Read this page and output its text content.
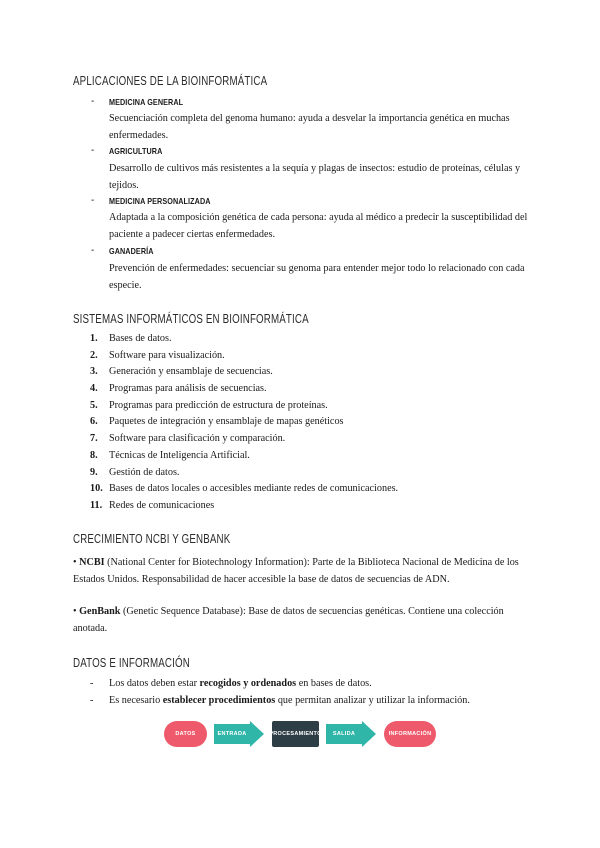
APLICACIONES DE LA BIOINFORMÁTICA
- MEDICINA GENERAL
Secuenciación completa del genoma humano: ayuda a desvelar la importancia genética en muchas enfermedades.
- AGRICULTURA
Desarrollo de cultivos más resistentes a la sequía y plagas de insectos: estudio de proteínas, células y tejidos.
- MEDICINA PERSONALIZADA
Adaptada a la composición genética de cada persona: ayuda al médico a predecir la susceptibilidad del paciente a padecer ciertas enfermedades.
- GANADERÍA
Prevención de enfermedades: secuenciar su genoma para entender mejor todo lo relacionado con cada especie.
SISTEMAS INFORMÁTICOS EN BIOINFORMÁTICA
1. Bases de datos.
2. Software para visualización.
3. Generación y ensamblaje de secuencias.
4. Programas para análisis de secuencias.
5. Programas para predicción de estructura de proteínas.
6. Paquetes de integración y ensamblaje de mapas genéticos
7. Software para clasificación y comparación.
8. Técnicas de Inteligencia Artificial.
9. Gestión de datos.
10. Bases de datos locales o accesibles mediante redes de comunicaciones.
11. Redes de comunicaciones
CRECIMIENTO NCBI Y GENBANK
• NCBI (National Center for Biotechnology Information): Parte de la Biblioteca Nacional de Medicina de los Estados Unidos. Responsabilidad de hacer accesible la base de datos de secuencias de ADN.
• GenBank (Genetic Sequence Database): Base de datos de secuencias genéticas. Contiene una colección anotada.
DATOS E INFORMACIÓN
- Los datos deben estar recogidos y ordenados en bases de datos.
- Es necesario establecer procedimientos que permitan analizar y utilizar la información.
DATOS	ENTRADA	PROCESAMIENTO	SALIDA	INFORMACIÓN
